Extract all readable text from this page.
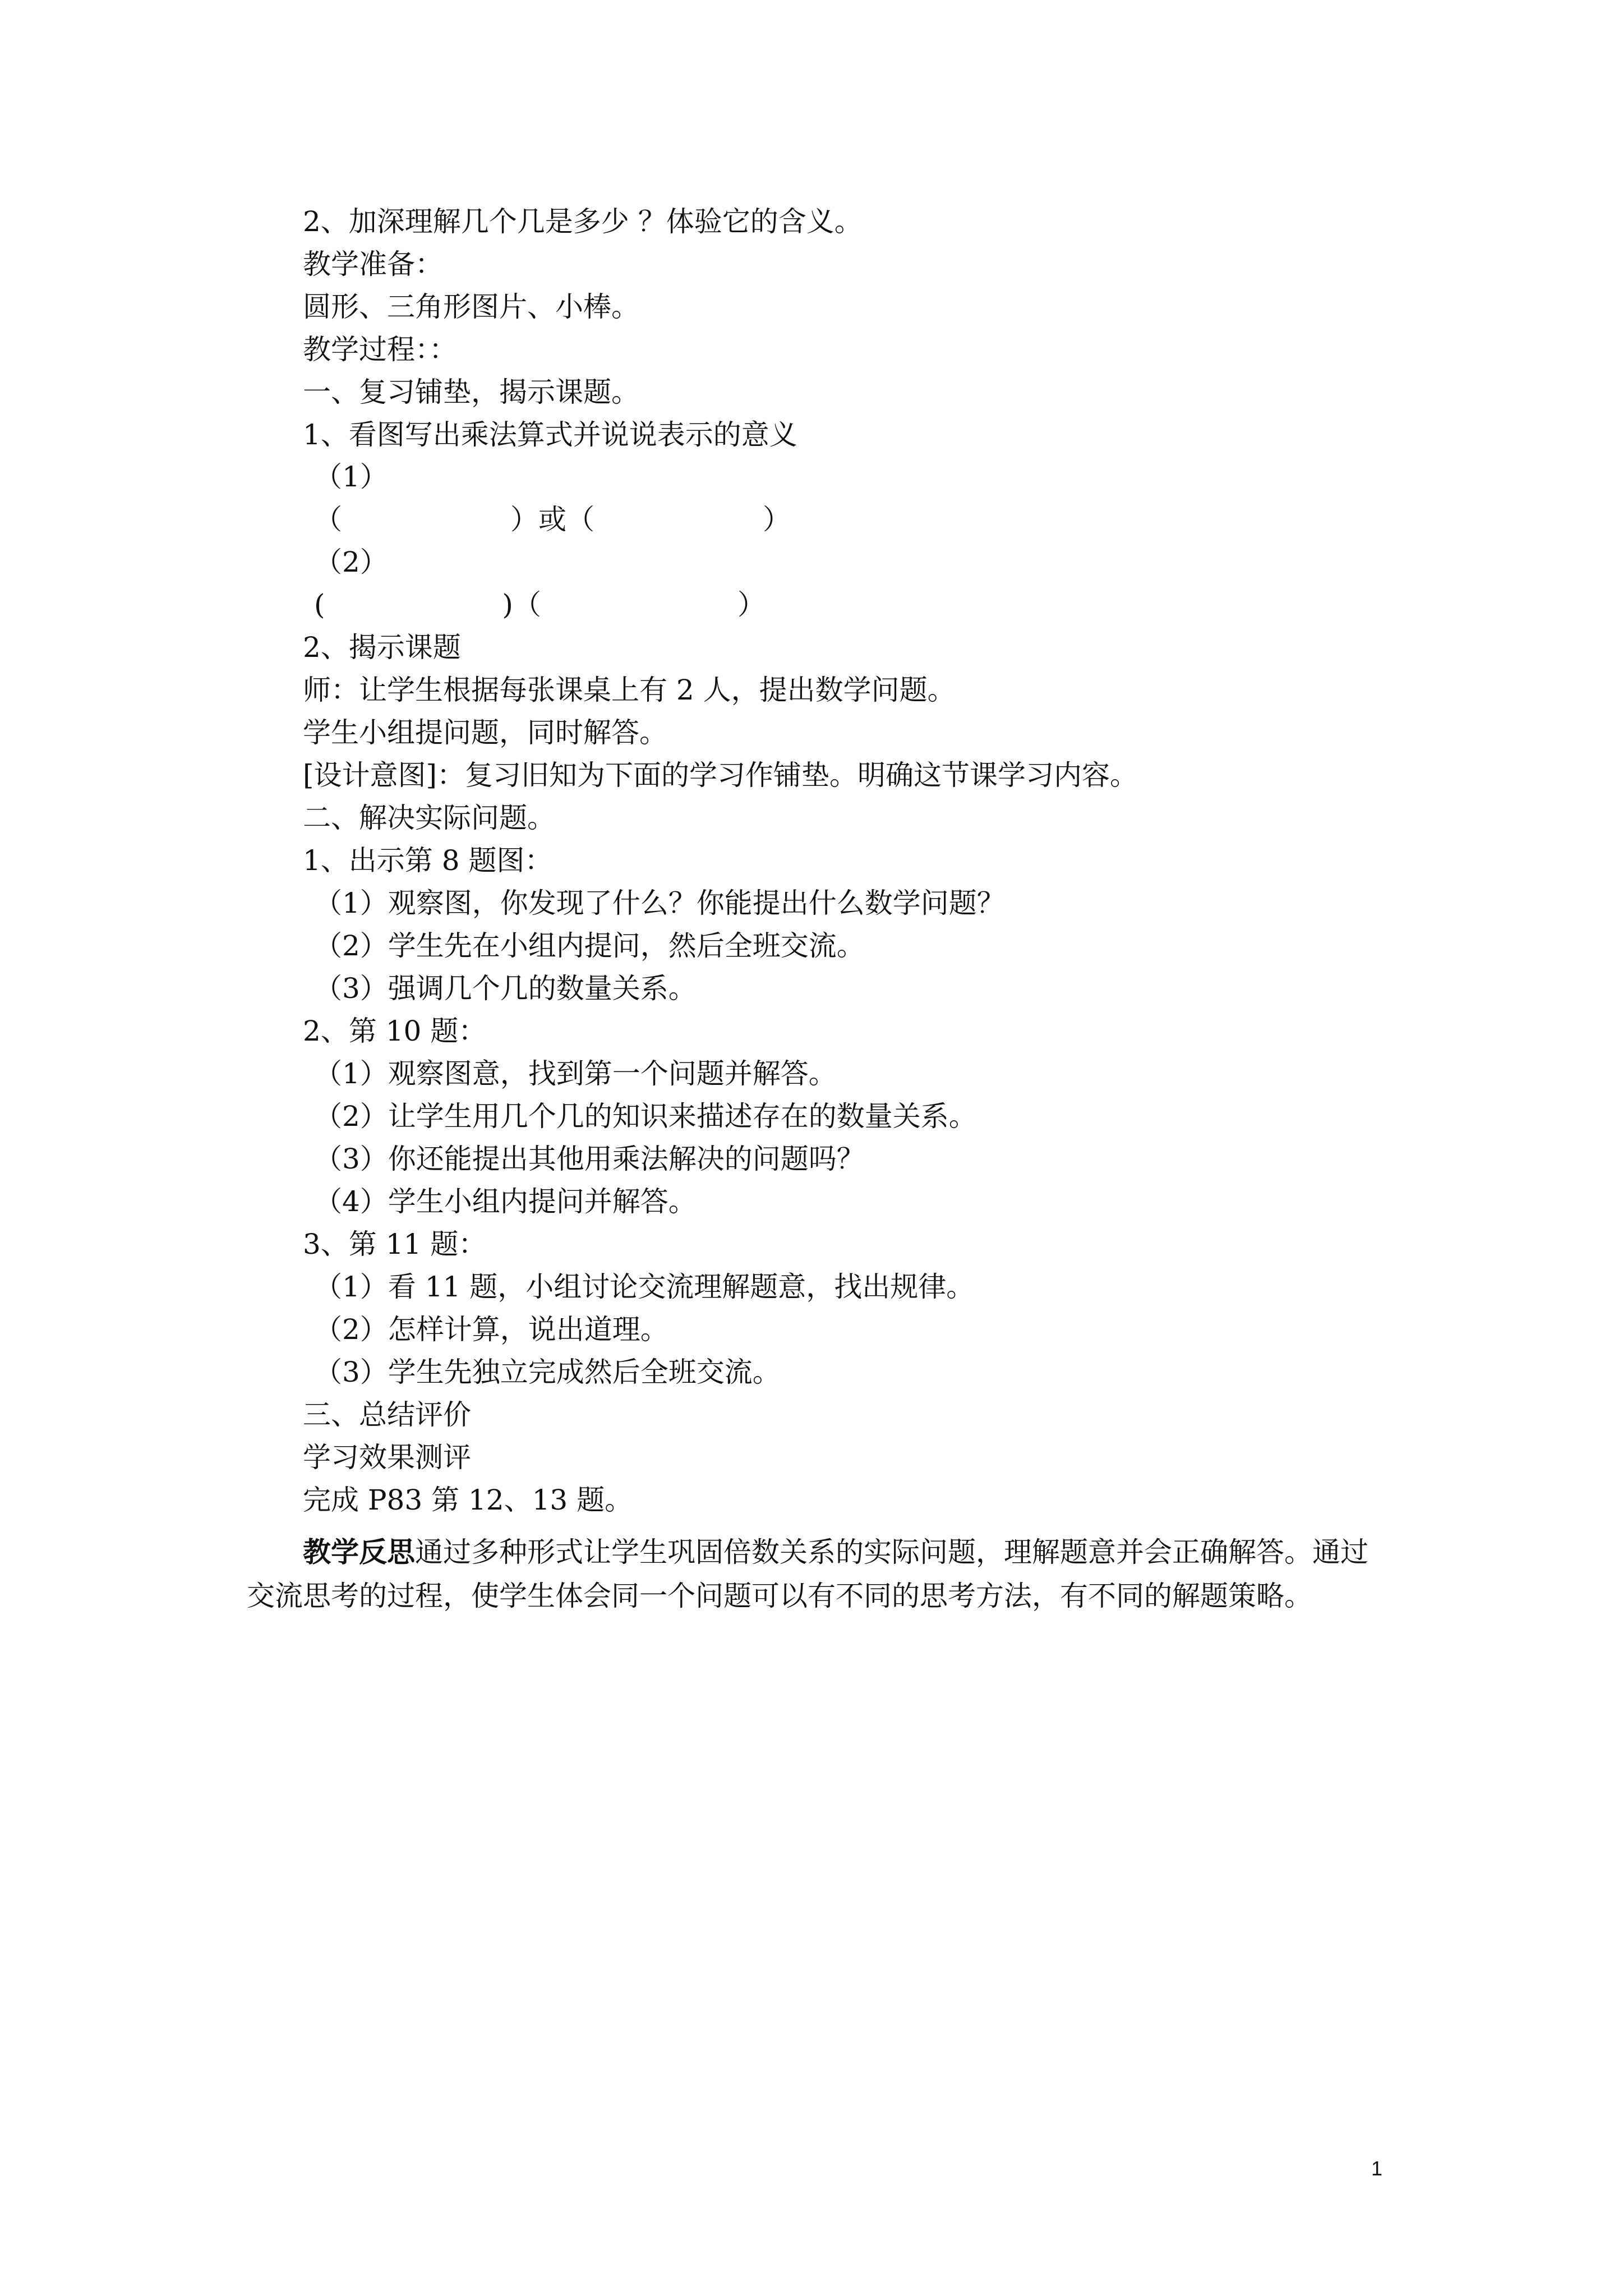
2、加深理解几个几是多少 ？体验它的含义。
教学准备：
圆形、三角形图片、小棒。
教学过程：：
一、复习铺垫，揭示课题。
1、看图写出乘法算式并说说表示的意义
（1）
（　　　　　　）或（　　　　　　）
（2）
(　　　　　　 )（　　　　　　　）
2、揭示课题
师：让学生根据每张课桌上有 2 人，提出数学问题。
学生小组提问题，同时解答。
[设计意图]：复习旧知为下面的学习作铺垫。明确这节课学习内容。
二、解决实际问题。
1、出示第 8 题图：
（1）观察图，你发现了什么？你能提出什么数学问题？
（2）学生先在小组内提问，然后全班交流。
（3）强调几个几的数量关系。
2、第 10 题：
（1）观察图意，找到第一个问题并解答。
（2）让学生用几个几的知识来描述存在的数量关系。
（3）你还能提出其他用乘法解决的问题吗？
（4）学生小组内提问并解答。
3、第 11 题：
（1）看 11 题，小组讨论交流理解题意，找出规律。
（2）怎样计算，说出道理。
（3）学生先独立完成然后全班交流。
三、总结评价
学习效果测评
完成 P83 第 12、13 题。
教学反思通过多种形式让学生巩固倍数关系的实际问题，理解题意并会正确解答。通过交流思考的过程，使学生体会同一个问题可以有不同的思考方法，有不同的解题策略。
1
